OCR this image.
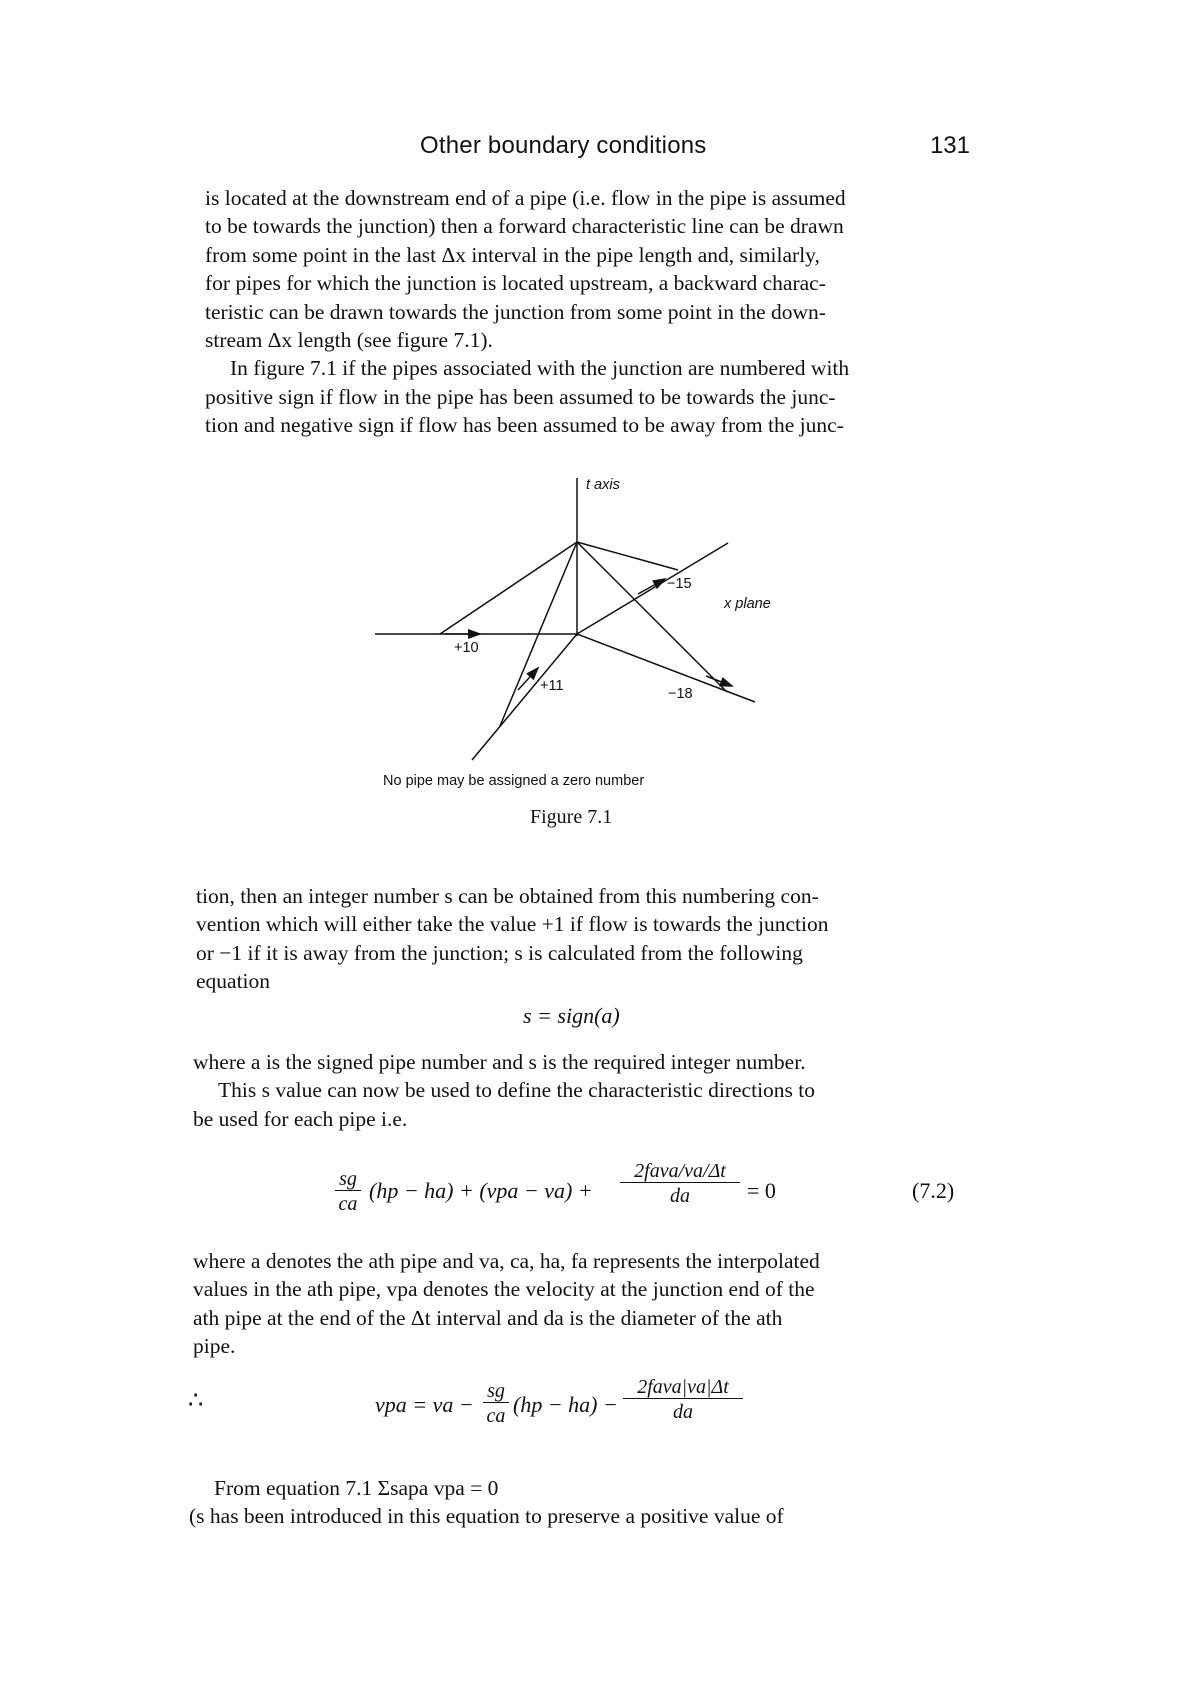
Other boundary conditions	131
is located at the downstream end of a pipe (i.e. flow in the pipe is assumed
to be towards the junction) then a forward characteristic line can be drawn
from some point in the last Δx interval in the pipe length and, similarly,
for pipes for which the junction is located upstream, a backward charac-
teristic can be drawn towards the junction from some point in the down-
stream Δx length (see figure 7.1).
In figure 7.1 if the pipes associated with the junction are numbered with
positive sign if flow in the pipe has been assumed to be towards the junc-
tion and negative sign if flow has been assumed to be away from the junc-
t axis
x plane
+10
+11
−15
−18
No pipe may be assigned a zero number
Figure 7.1
tion, then an integer number s can be obtained from this numbering con-
vention which will either take the value +1 if flow is towards the junction
or −1 if it is away from the junction; s is calculated from the following
equation
s = sign(a)
where a is the signed pipe number and s is the required integer number.
This s value can now be used to define the characteristic directions to
be used for each pipe i.e.
$\frac{sg}{ca} (hp - ha) + (vpa - va)$ +
2fava/va/Δt
da	= 0	(7.2)
where a denotes the ath pipe and va, ca, ha, fa represents the interpolated
values in the ath pipe, vpa denotes the velocity at the junction end of the
ath pipe at the end of the Δt interval and da is the diameter of the ath
pipe.
∴	vpa = va − $\frac{sg}{ca} (hp - ha)$ −
2fava|va|Δt
da
From equation 7.1 Σsapa vpa = 0
(s has been introduced in this equation to preserve a positive value of
